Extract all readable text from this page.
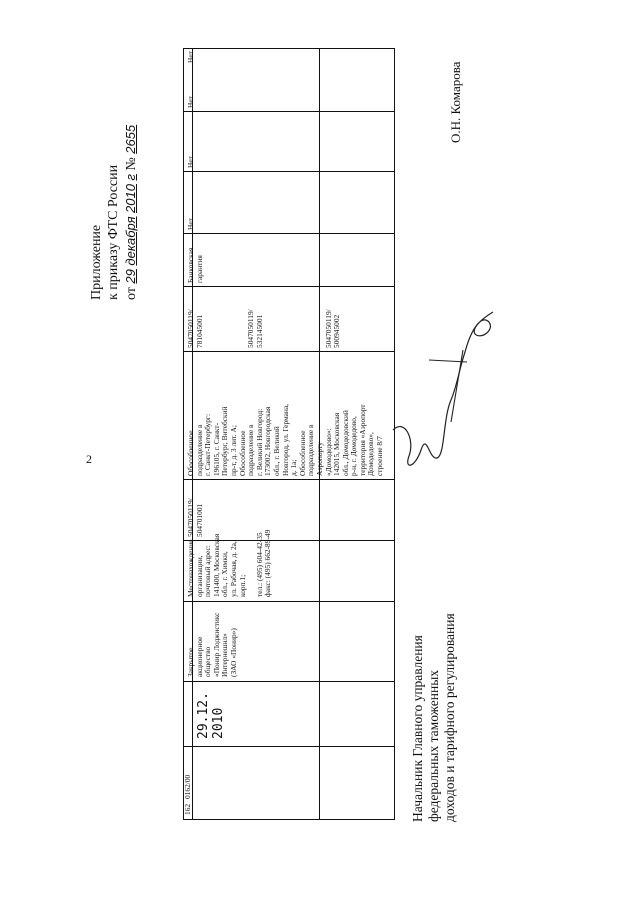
2
Приложение к приказу ФТС России от 29 декабря 2010 г № 2655
162
0162/00
29.12. 2010
Закрытое акционерное общество «Понир Лоджистикс Интернешнл» (ЗАО «Понир»)
Местонахождение организации, почтовый адрес: 141400, Московская обл., г. Химки, ул. Рабочая, д. 2а, корп.1;
тел.: (495) 604-42-35 факс: (495) 662-89-49
5047050119/ 504701001
Обособленное подразделение в г. Санкт-Петербург: 196105, г. Санкт- Петербург, Витебский пр-т, д. 3 лит. А; Обособленное подразделение в г. Великий Новгород: 173002, Новгородская обл., г. Великий Новгород, ул. Германа, д. 1а; Обособленное подразделение в Аэропорту «Домодедово»: 142015, Московская обл., Домодедовский р-н, г. Домодедово, территория «Аэропорт Домодедово», строение 8/7
5047050119/ 781045001

	5047050119/ 532145001

	5047050119/ 500945002
Банковская гарантия
Нет
Нет
Нет
Нет
Начальник Главного управления федеральных таможенных доходов и тарифного регулирования
О.Н. Комарова
